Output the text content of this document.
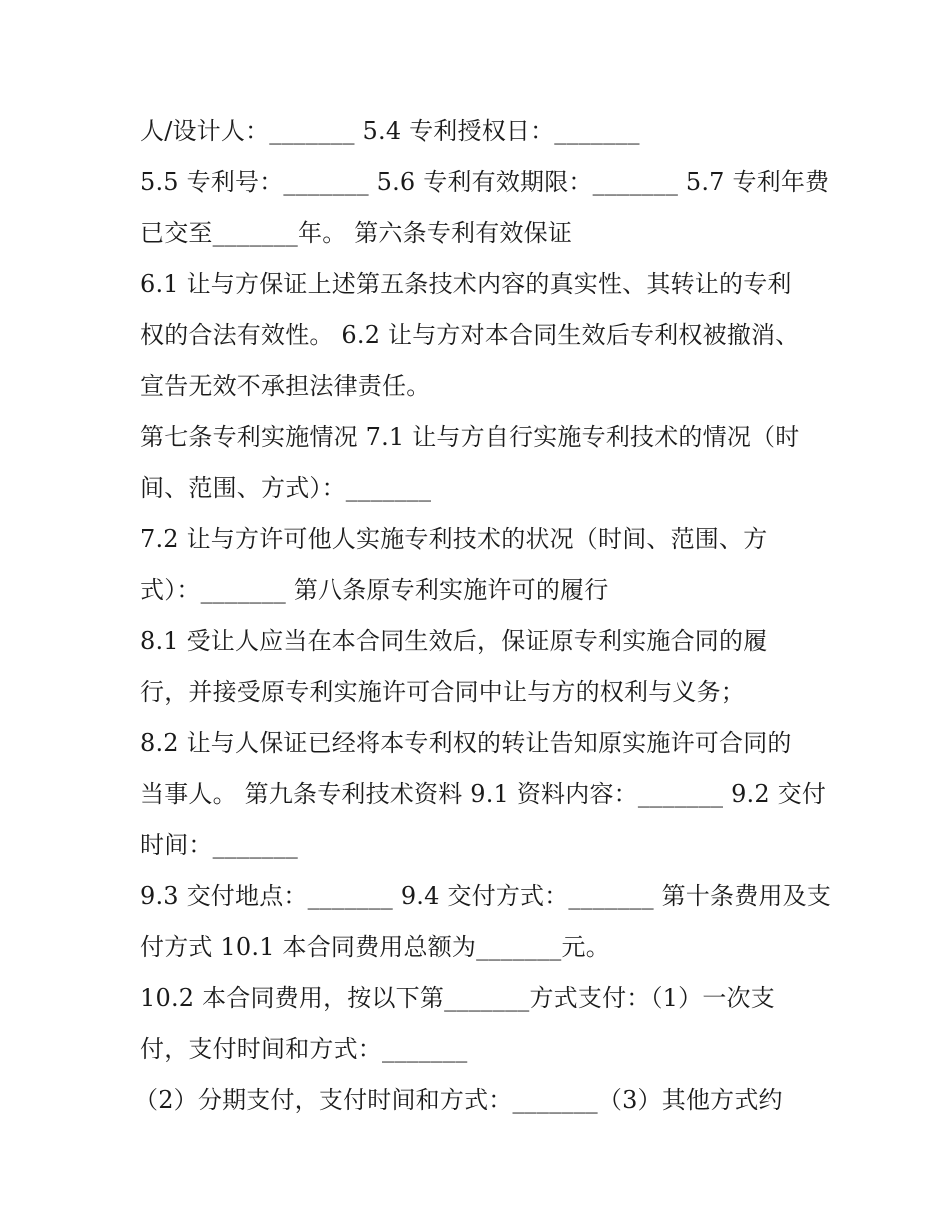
人/设计人：_______ 5.4 专利授权日：_______
5.5 专利号：_______ 5.6 专利有效期限：_______ 5.7 专利年费
已交至_______年。 第六条专利有效保证
6.1 让与方保证上述第五条技术内容的真实性、其转让的专利
权的合法有效性。 6.2 让与方对本合同生效后专利权被撤消、
宣告无效不承担法律责任。
第七条专利实施情况 7.1 让与方自行实施专利技术的情况（时
间、范围、方式）：_______
7.2 让与方许可他人实施专利技术的状况（时间、范围、方
式）：_______ 第八条原专利实施许可的履行
8.1 受让人应当在本合同生效后，保证原专利实施合同的履
行，并接受原专利实施许可合同中让与方的权利与义务；
8.2 让与人保证已经将本专利权的转让告知原实施许可合同的
当事人。 第九条专利技术资料 9.1 资料内容：_______ 9.2 交付
时间：_______
9.3 交付地点：_______ 9.4 交付方式：_______ 第十条费用及支
付方式 10.1 本合同费用总额为_______元。
10.2 本合同费用，按以下第_______方式支付：（1）一次支
付，支付时间和方式：_______
（2）分期支付，支付时间和方式：_______（3）其他方式约
